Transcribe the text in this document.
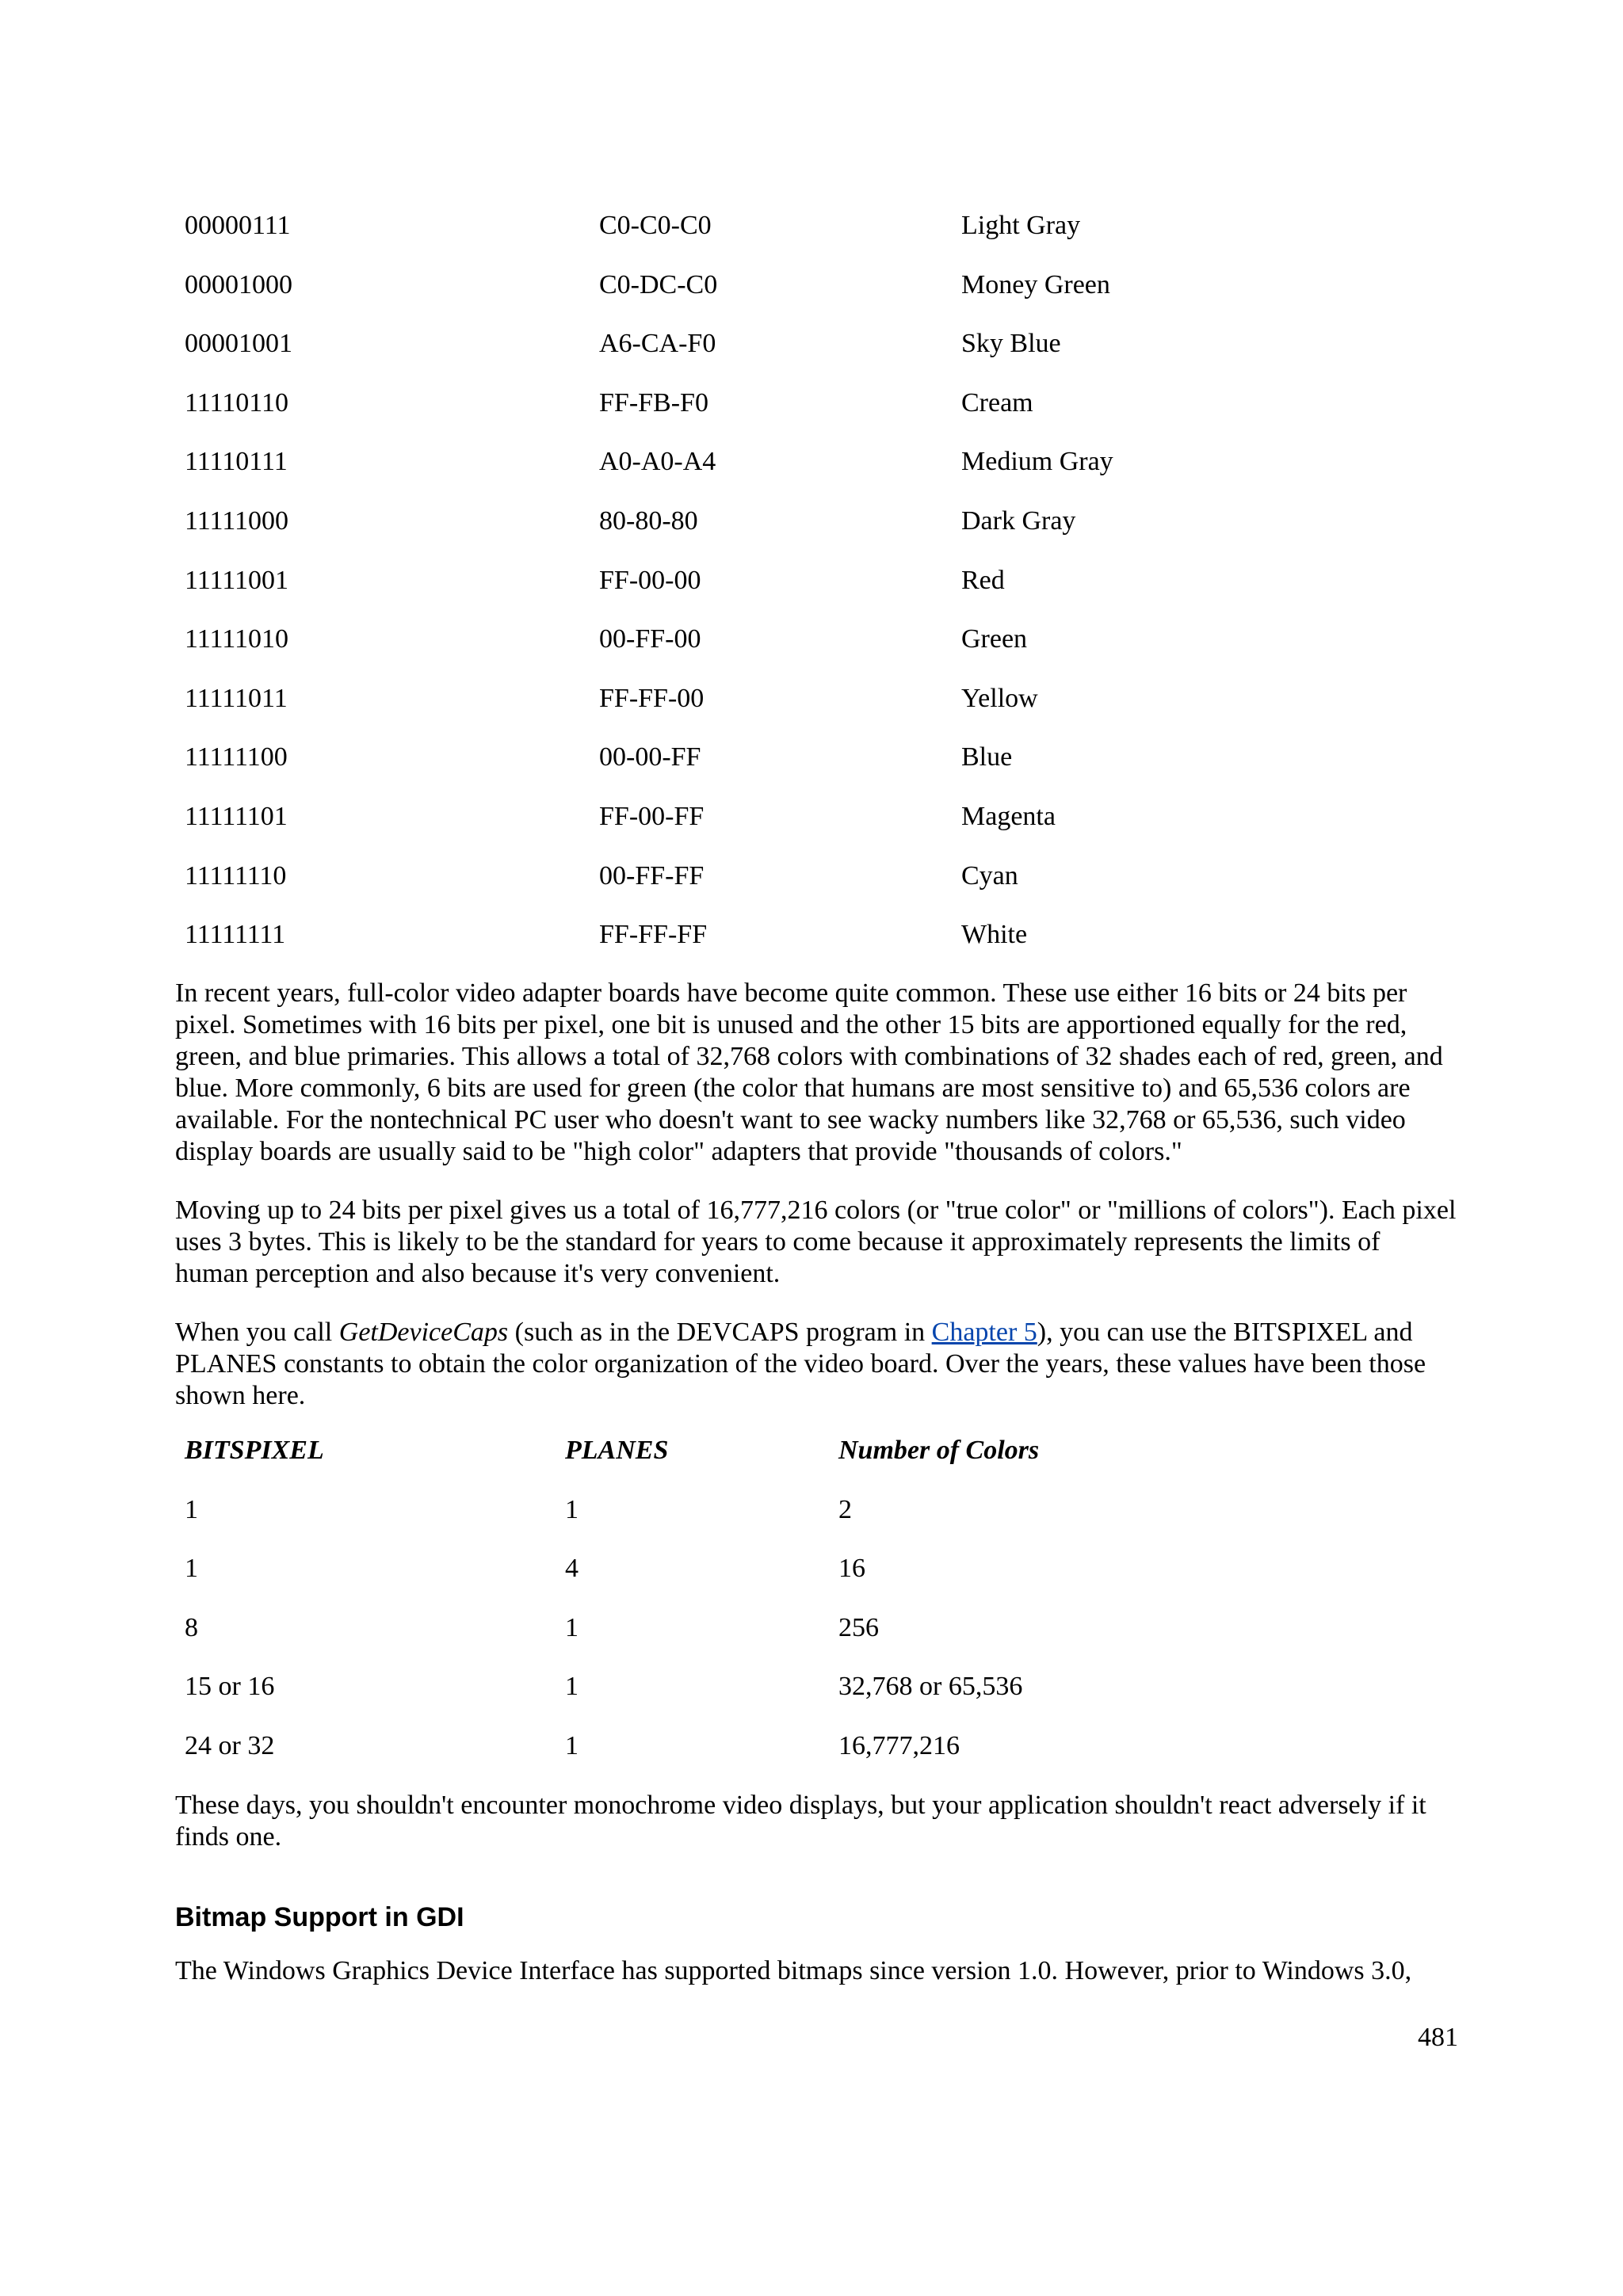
00000111	C0-C0-C0	Light Gray
00001000	C0-DC-C0	Money Green
00001001	A6-CA-F0	Sky Blue
11110110	FF-FB-F0	Cream
11110111	A0-A0-A4	Medium Gray
11111000	80-80-80	Dark Gray
11111001	FF-00-00	Red
11111010	00-FF-00	Green
11111011	FF-FF-00	Yellow
11111100	00-00-FF	Blue
11111101	FF-00-FF	Magenta
11111110	00-FF-FF	Cyan
11111111	FF-FF-FF	White

In recent years, full-color video adapter boards have become quite common. These use either 16 bits or 24 bits per pixel. Sometimes with 16 bits per pixel, one bit is unused and the other 15 bits are apportioned equally for the red, green, and blue primaries. This allows a total of 32,768 colors with combinations of 32 shades each of red, green, and blue. More commonly, 6 bits are used for green (the color that humans are most sensitive to) and 65,536 colors are available. For the nontechnical PC user who doesn't want to see wacky numbers like 32,768 or 65,536, such video display boards are usually said to be "high color" adapters that provide "thousands of colors."

Moving up to 24 bits per pixel gives us a total of 16,777,216 colors (or "true color" or "millions of colors"). Each pixel uses 3 bytes. This is likely to be the standard for years to come because it approximately represents the limits of human perception and also because it's very convenient.

When you call GetDeviceCaps (such as in the DEVCAPS program in Chapter 5), you can use the BITSPIXEL and PLANES constants to obtain the color organization of the video board. Over the years, these values have been those shown here.

BITSPIXEL	PLANES	Number of Colors
1	1	2
1	4	16
8	1	256
15 or 16	1	32,768 or 65,536
24 or 32	1	16,777,216

These days, you shouldn't encounter monochrome video displays, but your application shouldn't react adversely if it finds one.

Bitmap Support in GDI

The Windows Graphics Device Interface has supported bitmaps since version 1.0. However, prior to Windows 3.0,

481
